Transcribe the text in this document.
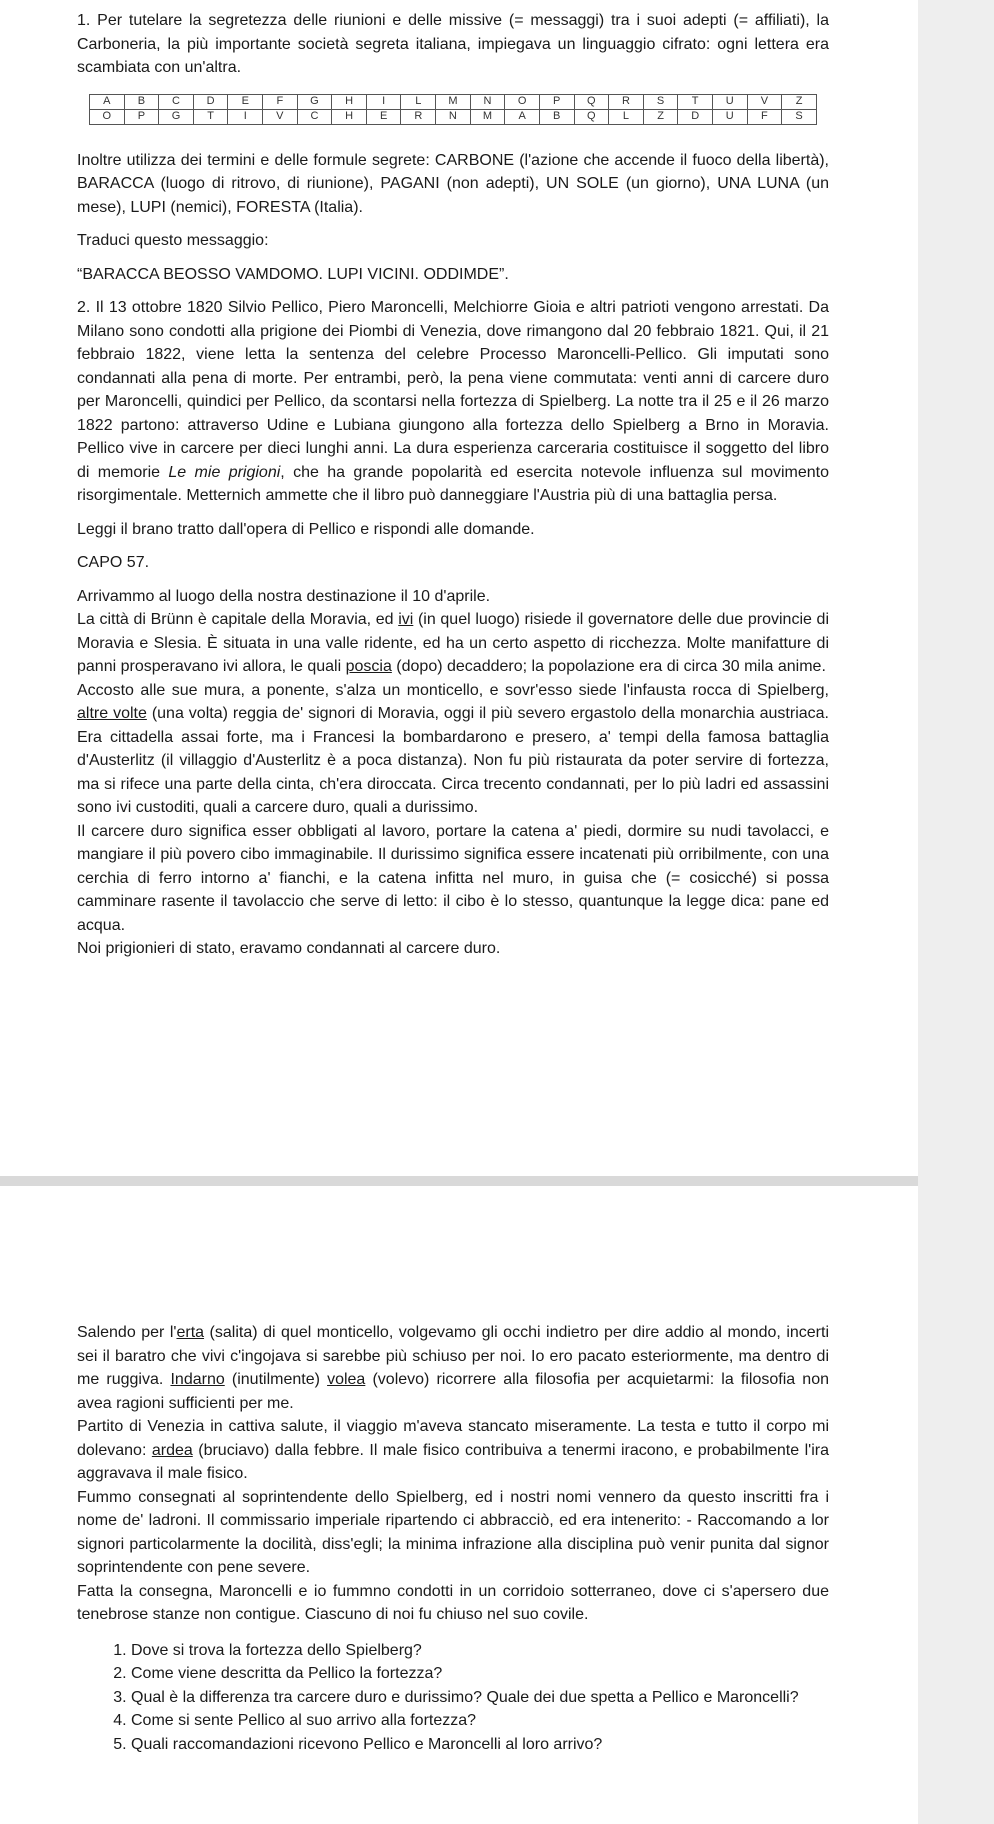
1. Per tutelare la segretezza delle riunioni e delle missive (= messaggi) tra i suoi adepti (= affiliati), la Carboneria, la più importante società segreta italiana, impiegava un linguaggio cifrato: ogni lettera era scambiata con un'altra.

A	B	C	D	E	F	G	H	I	L	M	N	O	P	Q	R	S	T	U	V	Z
O	P	G	T	I	V	C	H	E	R	N	M	A	B	Q	L	Z	D	U	F	S

Inoltre utilizza dei termini e delle formule segrete: CARBONE (l'azione che accende il fuoco della libertà), BARACCA (luogo di ritrovo, di riunione), PAGANI (non adepti), UN SOLE (un giorno), UNA LUNA (un mese), LUPI (nemici), FORESTA (Italia).

Traduci questo messaggio:

“BARACCA BEOSSO VAMDOMO. LUPI VICINI. ODDIMDE”.

2. Il 13 ottobre 1820 Silvio Pellico, Piero Maroncelli, Melchiorre Gioia e altri patrioti vengono arrestati. Da Milano sono condotti alla prigione dei Piombi di Venezia, dove rimangono dal 20 febbraio 1821. Qui, il 21 febbraio 1822, viene letta la sentenza del celebre Processo Maroncelli-Pellico. Gli imputati sono condannati alla pena di morte. Per entrambi, però, la pena viene commutata: venti anni di carcere duro per Maroncelli, quindici per Pellico, da scontarsi nella fortezza di Spielberg. La notte tra il 25 e il 26 marzo 1822 partono: attraverso Udine e Lubiana giungono alla fortezza dello Spielberg a Brno in Moravia. Pellico vive in carcere per dieci lunghi anni. La dura esperienza carceraria costituisce il soggetto del libro di memorie Le mie prigioni, che ha grande popolarità ed esercita notevole influenza sul movimento risorgimentale. Metternich ammette che il libro può danneggiare l'Austria più di una battaglia persa.

Leggi il brano tratto dall'opera di Pellico e rispondi alle domande.

CAPO 57.

Arrivammo al luogo della nostra destinazione il 10 d'aprile.

La città di Brünn è capitale della Moravia, ed ivi (in quel luogo) risiede il governatore delle due provincie di Moravia e Slesia. È situata in una valle ridente, ed ha un certo aspetto di ricchezza. Molte manifatture di panni prosperavano ivi allora, le quali poscia (dopo) decaddero; la popolazione era di circa 30 mila anime.

Accosto alle sue mura, a ponente, s'alza un monticello, e sovr'esso siede l'infausta rocca di Spielberg, altre volte (una volta) reggia de' signori di Moravia, oggi il più severo ergastolo della monarchia austriaca. Era cittadella assai forte, ma i Francesi la bombardarono e presero, a' tempi della famosa battaglia d'Austerlitz (il villaggio d'Austerlitz è a poca distanza). Non fu più ristaurata da poter servire di fortezza, ma si rifece una parte della cinta, ch'era diroccata. Circa trecento condannati, per lo più ladri ed assassini sono ivi custoditi, quali a carcere duro, quali a durissimo.

Il carcere duro significa esser obbligati al lavoro, portare la catena a' piedi, dormire su nudi tavolacci, e mangiare il più povero cibo immaginabile. Il durissimo significa essere incatenati più orribilmente, con una cerchia di ferro intorno a' fianchi, e la catena infitta nel muro, in guisa che (= cosicché) si possa camminare rasente il tavolaccio che serve di letto: il cibo è lo stesso, quantunque la legge dica: pane ed acqua.

Noi prigionieri di stato, eravamo condannati al carcere duro.

Salendo per l'erta (salita) di quel monticello, volgevamo gli occhi indietro per dire addio al mondo, incerti sei il baratro che vivi c'ingojava si sarebbe più schiuso per noi. Io ero pacato esteriormente, ma dentro di me ruggiva. Indarno (inutilmente) volea (volevo) ricorrere alla filosofia per acquietarmi: la filosofia non avea ragioni sufficienti per me.

Partito di Venezia in cattiva salute, il viaggio m'aveva stancato miseramente. La testa e tutto il corpo mi dolevano: ardea (bruciavo) dalla febbre. Il male fisico contribuiva a tenermi iracono, e probabilmente l'ira aggravava il male fisico.

Fummo consegnati al soprintendente dello Spielberg, ed i nostri nomi vennero da questo inscritti fra i nome de' ladroni. Il commissario imperiale ripartendo ci abbracciò, ed era intenerito: - Raccomando a lor signori particolarmente la docilità, diss'egli; la minima infrazione alla disciplina può venir punita dal signor soprintendente con pene severe.

Fatta la consegna, Maroncelli e io fummno condotti in un corridoio sotterraneo, dove ci s'apersero due tenebrose stanze non contigue. Ciascuno di noi fu chiuso nel suo covile.

1. Dove si trova la fortezza dello Spielberg?
2. Come viene descritta da Pellico la fortezza?
3. Qual è la differenza tra carcere duro e durissimo? Quale dei due spetta a Pellico e Maroncelli?
4. Come si sente Pellico al suo arrivo alla fortezza?
5. Quali raccomandazioni ricevono Pellico e Maroncelli al loro arrivo?
